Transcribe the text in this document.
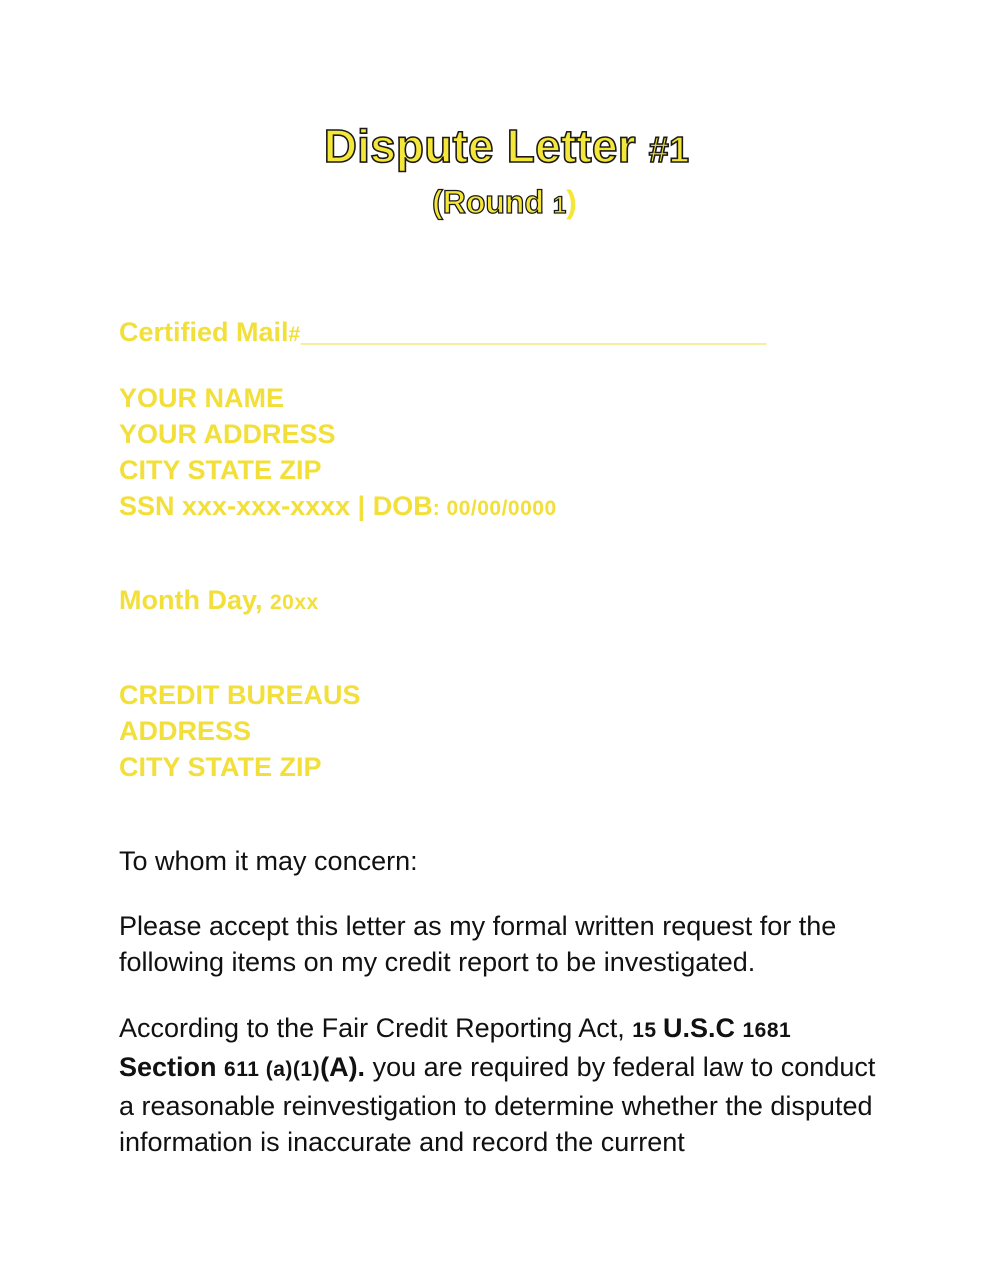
Dispute Letter #1
(Round 1)
Certified Mail#_______________________________
YOUR NAME
YOUR ADDRESS
CITY STATE ZIP
SSN xxx-xxx-xxxx | DOB: 00/00/0000
Month Day, 20xx
CREDIT BUREAUS
ADDRESS
CITY STATE ZIP
To whom it may concern:
Please accept this letter as my formal written request for the following items on my credit report to be investigated.
According to the Fair Credit Reporting Act, 15 U.S.C 1681
Section 611 (a)(1)(A). you are required by federal law to conduct a reasonable reinvestigation to determine whether the disputed information is inaccurate and record the current
